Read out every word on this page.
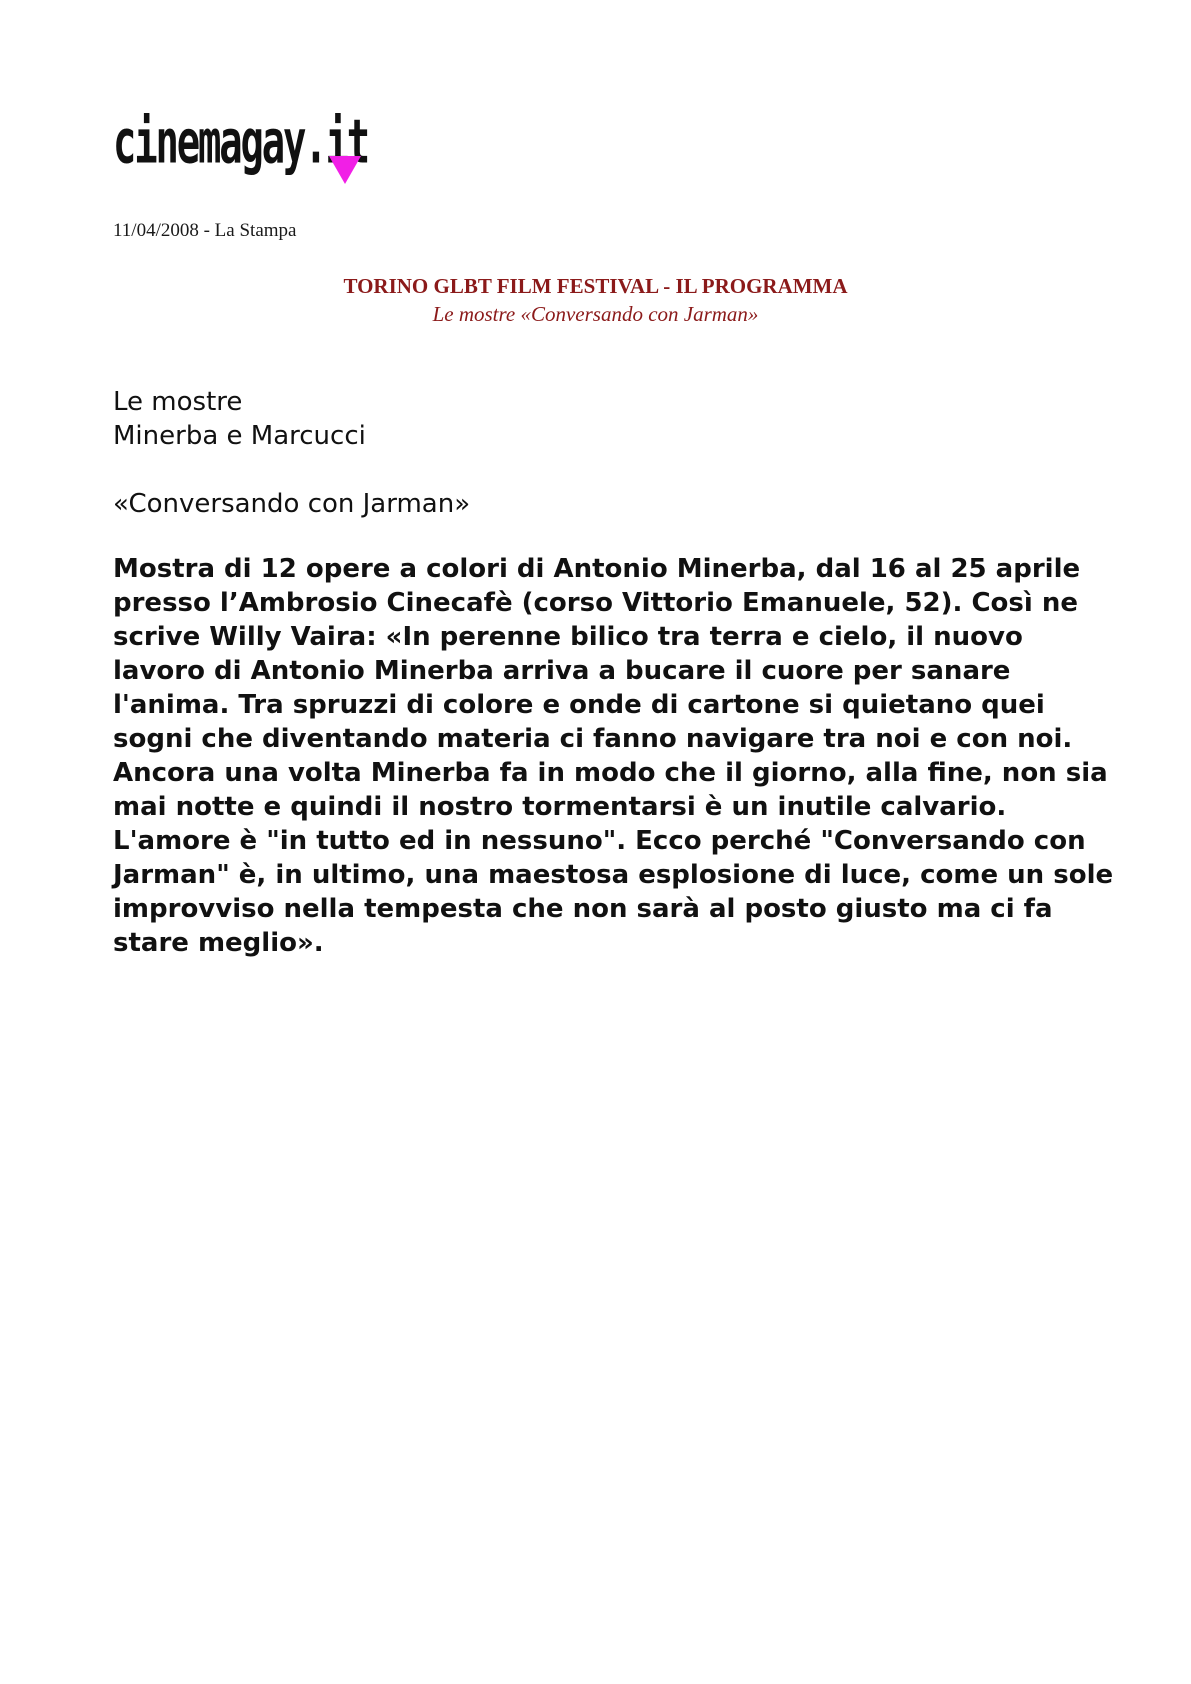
cinemagay.it
11/04/2008 - La Stampa
TORINO GLBT FILM FESTIVAL - IL PROGRAMMA
Le mostre «Conversando con Jarman»
Le mostre
Minerba e Marcucci
«Conversando con Jarman»
Mostra di 12 opere a colori di Antonio Minerba, dal 16 al 25 aprile
presso l’Ambrosio Cinecafè (corso Vittorio Emanuele, 52). Così ne
scrive Willy Vaira: «In perenne bilico tra terra e cielo, il nuovo
lavoro di Antonio Minerba arriva a bucare il cuore per sanare
l'anima. Tra spruzzi di colore e onde di cartone si quietano quei
sogni che diventando materia ci fanno navigare tra noi e con noi.
Ancora una volta Minerba fa in modo che il giorno, alla fine, non sia
mai notte e quindi il nostro tormentarsi è un inutile calvario.
L'amore è "in tutto ed in nessuno". Ecco perché "Conversando con
Jarman" è, in ultimo, una maestosa esplosione di luce, come un sole
improvviso nella tempesta che non sarà al posto giusto ma ci fa
stare meglio».
